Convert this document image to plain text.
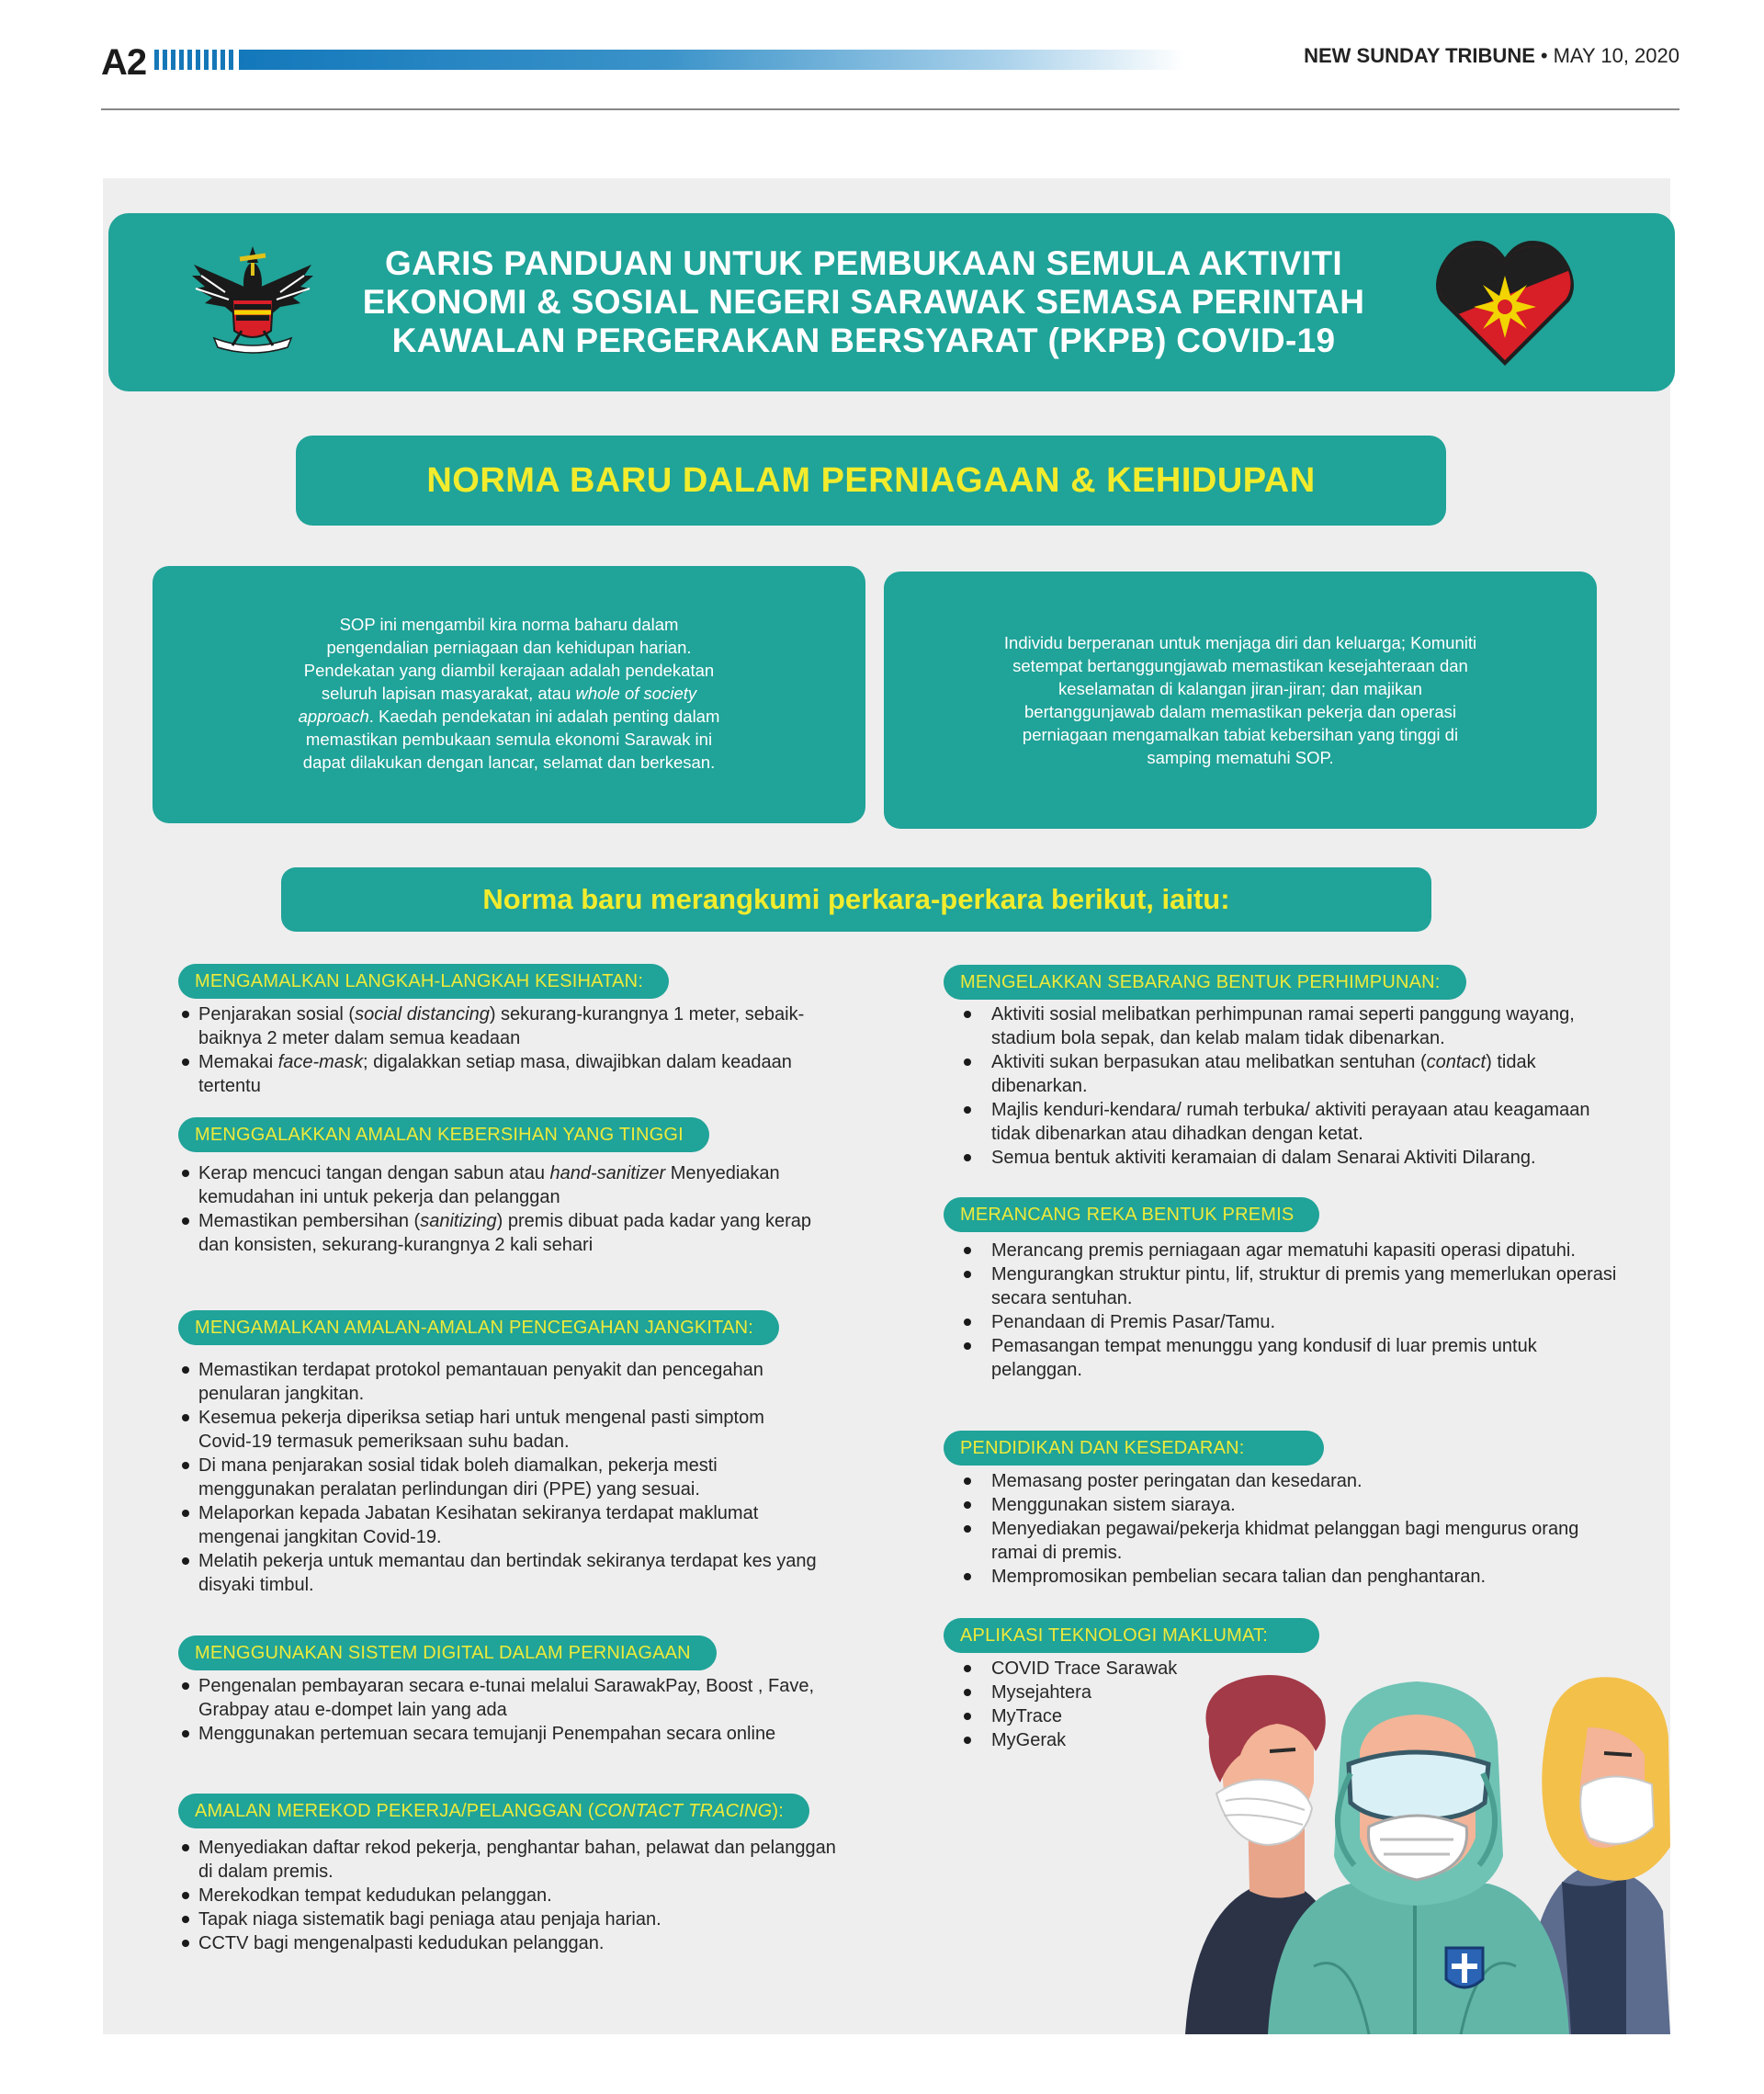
A2	NEW SUNDAY TRIBUNE • MAY 10, 2020
GARIS PANDUAN UNTUK PEMBUKAAN SEMULA AKTIVITI
EKONOMI & SOSIAL NEGERI SARAWAK SEMASA PERINTAH
KAWALAN PERGERAKAN BERSYARAT (PKPB) COVID-19
NORMA BARU DALAM PERNIAGAAN & KEHIDUPAN

SOP ini mengambil kira norma baharu dalam pengendalian perniagaan dan kehidupan harian. Pendekatan yang diambil kerajaan adalah pendekatan seluruh lapisan masyarakat, atau whole of society approach. Kaedah pendekatan ini adalah penting dalam memastikan pembukaan semula ekonomi Sarawak ini dapat dilakukan dengan lancar, selamat dan berkesan.

Individu berperanan untuk menjaga diri dan keluarga; Komuniti setempat bertanggungjawab memastikan kesejahteraan dan keselamatan di kalangan jiran-jiran; dan majikan bertanggunjawab dalam memastikan pekerja dan operasi perniagaan mengamalkan tabiat kebersihan yang tinggi di samping mematuhi SOP.

Norma baru merangkumi perkara-perkara berikut, iaitu:
MENGAMALKAN LANGKAH-LANGKAH KESIHATAN:
Penjarakan sosial (social distancing) sekurang-kurangnya 1 meter, sebaik-baiknya 2 meter dalam semua keadaan
Memakai face-mask; digalakkan setiap masa, diwajibkan dalam keadaan tertentu
MENGGALAKKAN AMALAN KEBERSIHAN YANG TINGGI
Kerap mencuci tangan dengan sabun atau hand-sanitizer Menyediakan kemudahan ini untuk pekerja dan pelanggan
Memastikan pembersihan (sanitizing) premis dibuat pada kadar yang kerap dan konsisten, sekurang-kurangnya 2 kali sehari
MENGAMALKAN AMALAN-AMALAN PENCEGAHAN JANGKITAN:
Memastikan terdapat protokol pemantauan penyakit dan pencegahan penularan jangkitan.
Kesemua pekerja diperiksa setiap hari untuk mengenal pasti simptom Covid-19 termasuk pemeriksaan suhu badan.
Di mana penjarakan sosial tidak boleh diamalkan, pekerja mesti menggunakan peralatan perlindungan diri (PPE) yang sesuai.
Melaporkan kepada Jabatan Kesihatan sekiranya terdapat maklumat mengenai jangkitan Covid-19.
Melatih pekerja untuk memantau dan bertindak sekiranya terdapat kes yang disyaki timbul.
MENGGUNAKAN SISTEM DIGITAL DALAM PERNIAGAAN
Pengenalan pembayaran secara e-tunai melalui SarawakPay, Boost , Fave, Grabpay atau e-dompet lain yang ada
Menggunakan pertemuan secara temujanji Penempahan secara online
AMALAN MEREKOD PEKERJA/PELANGGAN (CONTACT TRACING):
Menyediakan daftar rekod pekerja, penghantar bahan, pelawat dan pelanggan di dalam premis.
Merekodkan tempat kedudukan pelanggan.
Tapak niaga sistematik bagi peniaga atau penjaja harian.
CCTV bagi mengenalpasti kedudukan pelanggan.
MENGELAKKAN SEBARANG BENTUK PERHIMPUNAN:
Aktiviti sosial melibatkan perhimpunan ramai seperti panggung wayang, stadium bola sepak, dan kelab malam tidak dibenarkan.
Aktiviti sukan berpasukan atau melibatkan sentuhan (contact) tidak dibenarkan.
Majlis kenduri-kendara/ rumah terbuka/ aktiviti perayaan atau keagamaan tidak dibenarkan atau dihadkan dengan ketat.
Semua bentuk aktiviti keramaian di dalam Senarai Aktiviti Dilarang.
MERANCANG REKA BENTUK PREMIS
Merancang premis perniagaan agar mematuhi kapasiti operasi dipatuhi.
Mengurangkan struktur pintu, lif, struktur di premis yang memerlukan operasi secara sentuhan.
Penandaan di Premis Pasar/Tamu.
Pemasangan tempat menunggu yang kondusif di luar premis untuk pelanggan.
PENDIDIKAN DAN KESEDARAN:
Memasang poster peringatan dan kesedaran.
Menggunakan sistem siaraya.
Menyediakan pegawai/pekerja khidmat pelanggan bagi mengurus orang ramai di premis.
Mempromosikan pembelian secara talian dan penghantaran.
APLIKASI TEKNOLOGI MAKLUMAT:
COVID Trace Sarawak
Mysejahtera
MyTrace
MyGerak
